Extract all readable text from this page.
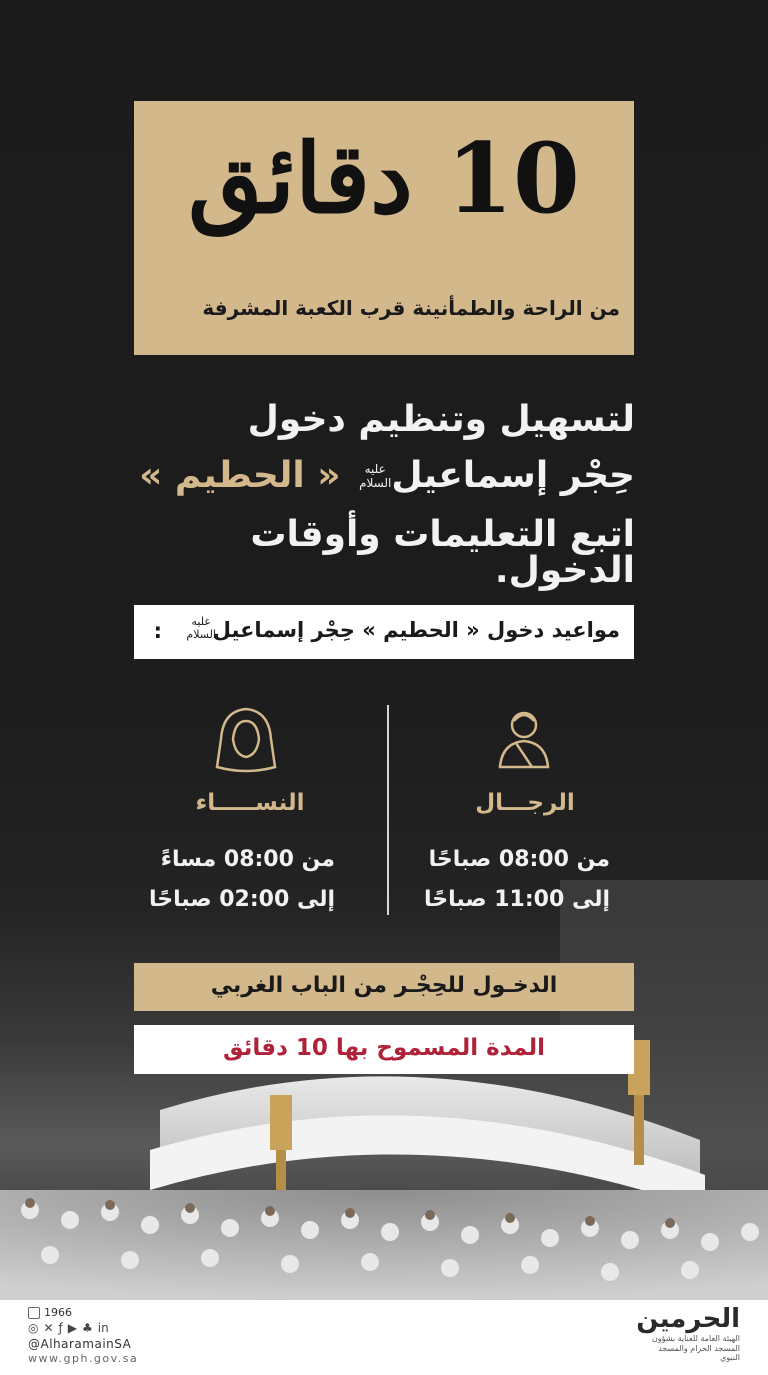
10 دقائق
من الراحة والطمأنينة قرب الكعبة المشرفة
لتسهيل وتنظيم دخول
حِجْر إسماعيلعليه
السلام « الحطيم »
اتبع التعليمات وأوقات الدخول.
مواعيد دخول « الحطيم » حِجْر إسماعيل
عليه
السلام
:
الرجـــال
من 08:00 صباحًا
إلى 11:00 صباحًا
النســـــاء
من 08:00 مساءً
إلى 02:00 صباحًا
الدخـول للحِجْـر من الباب الغربي
المدة المسموح بها 10 دقائق
1966
◎ ✕ ƒ ▶ ♣ in
@AlharamainSA
www.gph.gov.sa
الحرمين
الهيئة العامة للعناية بشؤون المسجد الحرام والمسجد النبوي
